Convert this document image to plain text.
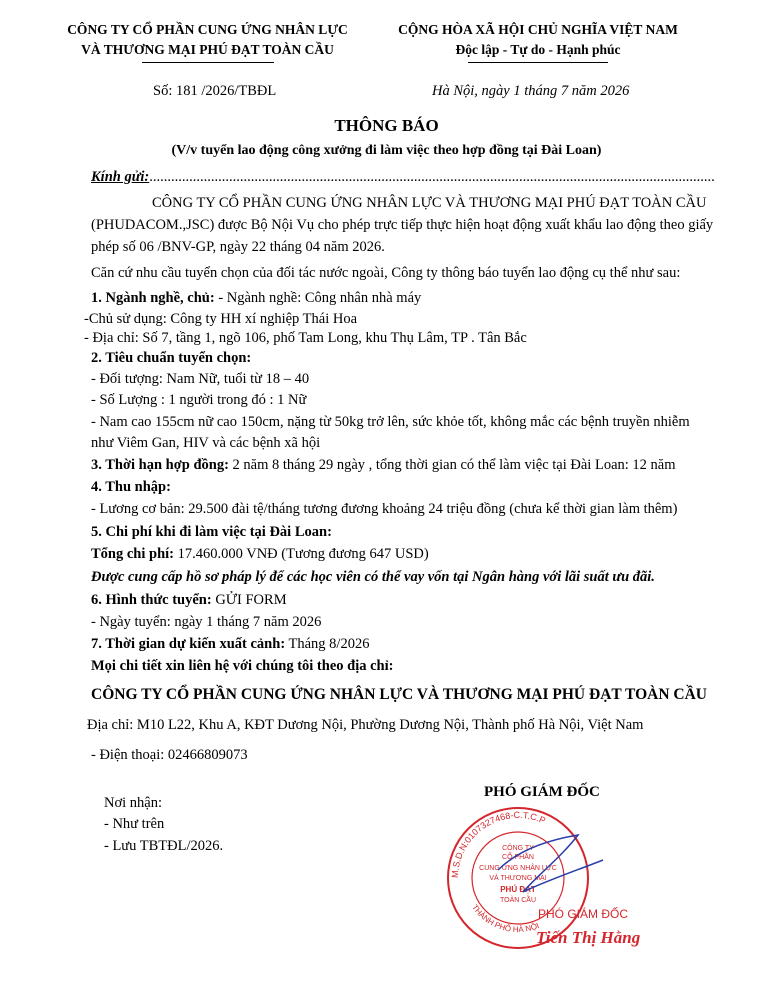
CÔNG TY CỔ PHẦN CUNG ỨNG NHÂN LỰC
VÀ THƯƠNG MẠI PHÚ ĐẠT TOÀN CẦU
CỘNG HÒA XÃ HỘI CHỦ NGHĨA VIỆT NAM
Độc lập - Tự do - Hạnh phúc
Số: 181 /2026/TBĐL	Hà Nội, ngày 1 tháng 7 năm 2026
THÔNG BÁO
(V/v tuyển lao động công xưởng đi làm việc theo hợp đồng tại Đài Loan)
Kính gửi:............................................................................................................................................................
CÔNG TY CỔ PHẦN CUNG ỨNG NHÂN LỰC VÀ THƯƠNG MẠI PHÚ ĐẠT TOÀN CẦU
(PHUDACOM.,JSC) được Bộ Nội Vụ cho phép trực tiếp thực hiện hoạt động xuất khẩu lao động theo giấy
phép số 06 /BNV-GP, ngày 22 tháng 04 năm 2026.
Căn cứ nhu cầu tuyển chọn của đối tác nước ngoài, Công ty thông báo tuyển lao động cụ thể như sau:
1. Ngành nghề, chủ: - Ngành nghề: Công nhân nhà máy
-Chủ sử dụng: Công ty HH xí nghiệp Thái Hoa
- Địa chỉ: Số 7, tầng 1, ngõ 106, phố Tam Long, khu Thụ Lâm, TP . Tân Bắc
2. Tiêu chuẩn tuyển chọn:
- Đối tượng: Nam Nữ, tuổi từ 18 – 40
- Số Lượng : 1 người trong đó : 1 Nữ
- Nam cao 155cm nữ cao 150cm, nặng từ 50kg trở lên, sức khỏe tốt, không mắc các bệnh truyền nhiễm
như Viêm Gan, HIV và các bệnh xã hội
3. Thời hạn hợp đồng: 2 năm 8 tháng 29 ngày , tổng thời gian có thể làm việc tại Đài Loan: 12 năm
4. Thu nhập:
- Lương cơ bản: 29.500 đài tệ/tháng tương đương khoảng 24 triệu đồng (chưa kể thời gian làm thêm)
5. Chi phí khi đi làm việc tại Đài Loan:
Tổng chi phí: 17.460.000 VNĐ (Tương đương 647 USD)
Được cung cấp hồ sơ pháp lý để các học viên có thể vay vốn tại Ngân hàng với lãi suất ưu đãi.
6. Hình thức tuyển: GỬI FORM
- Ngày tuyển: ngày 1 tháng 7 năm 2026
7. Thời gian dự kiến xuất cảnh: Tháng 8/2026
Mọi chi tiết xin liên hệ với chúng tôi theo địa chỉ:
CÔNG TY CỔ PHẦN CUNG ỨNG NHÂN LỰC VÀ THƯƠNG MẠI PHÚ ĐẠT TOÀN CẦU
Địa chỉ: M10 L22, Khu A, KĐT Dương Nội, Phường Dương Nội, Thành phố Hà Nội, Việt Nam
- Điện thoại: 02466809073
Nơi nhận:
- Như trên
- Lưu TBTĐL/2026.
PHÓ GIÁM ĐỐC
M.S.D.N:0107327468-C.T.C.P
THÀNH PHỐ HÀ NỘI
CÔNG TY
CỔ PHẦN
CUNG ỨNG NHÂN LỰC
VÀ THƯƠNG MẠI
PHÚ ĐẠT
TOÀN CẦU
PHÓ GIÁM ĐỐC
Tiến Thị Hằng
